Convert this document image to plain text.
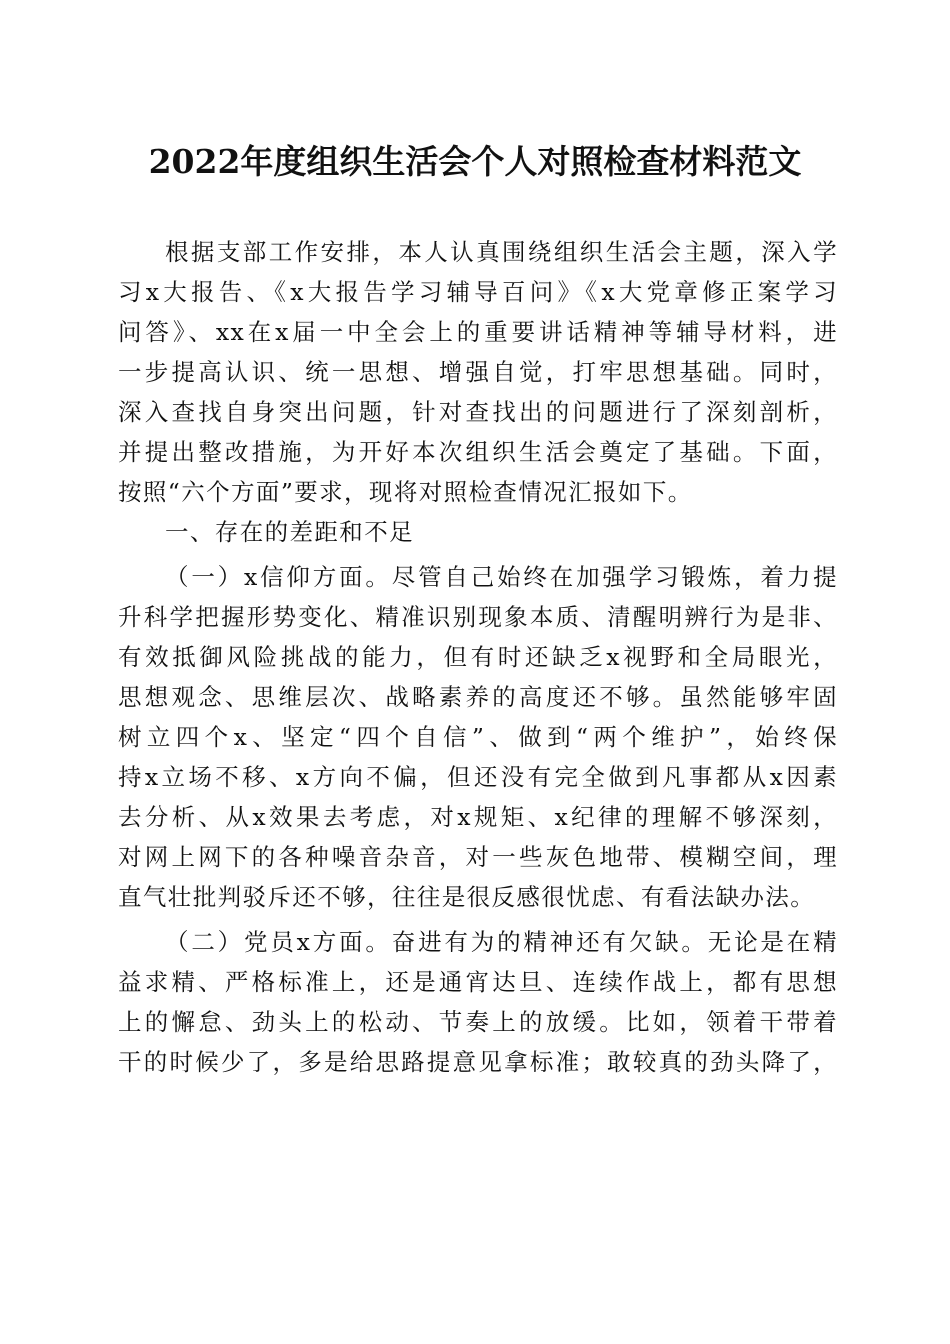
2022年度组织生活会个人对照检查材料范文
根据支部工作安排，本人认真围绕组织生活会主题，深入学
习x大报告、《x大报告学习辅导百问》《x大党章修正案学习
问答》、xx在x届一中全会上的重要讲话精神等辅导材料，进
一步提高认识、统一思想、增强自觉，打牢思想基础。同时，
深入查找自身突出问题，针对查找出的问题进行了深刻剖析，
并提出整改措施，为开好本次组织生活会奠定了基础。下面，
按照“六个方面”要求，现将对照检查情况汇报如下。
一、存在的差距和不足
（一）x信仰方面。尽管自己始终在加强学习锻炼，着力提
升科学把握形势变化、精准识别现象本质、清醒明辨行为是非、
有效抵御风险挑战的能力，但有时还缺乏x视野和全局眼光，
思想观念、思维层次、战略素养的高度还不够。虽然能够牢固
树立四个x、坚定“四个自信”、做到“两个维护”，始终保
持x立场不移、x方向不偏，但还没有完全做到凡事都从x因素
去分析、从x效果去考虑，对x规矩、x纪律的理解不够深刻，
对网上网下的各种噪音杂音，对一些灰色地带、模糊空间，理
直气壮批判驳斥还不够，往往是很反感很忧虑、有看法缺办法。
（二）党员x方面。奋进有为的精神还有欠缺。无论是在精
益求精、严格标准上，还是通宵达旦、连续作战上，都有思想
上的懈怠、劲头上的松动、节奏上的放缓。比如，领着干带着
干的时候少了，多是给思路提意见拿标准；敢较真的劲头降了，
